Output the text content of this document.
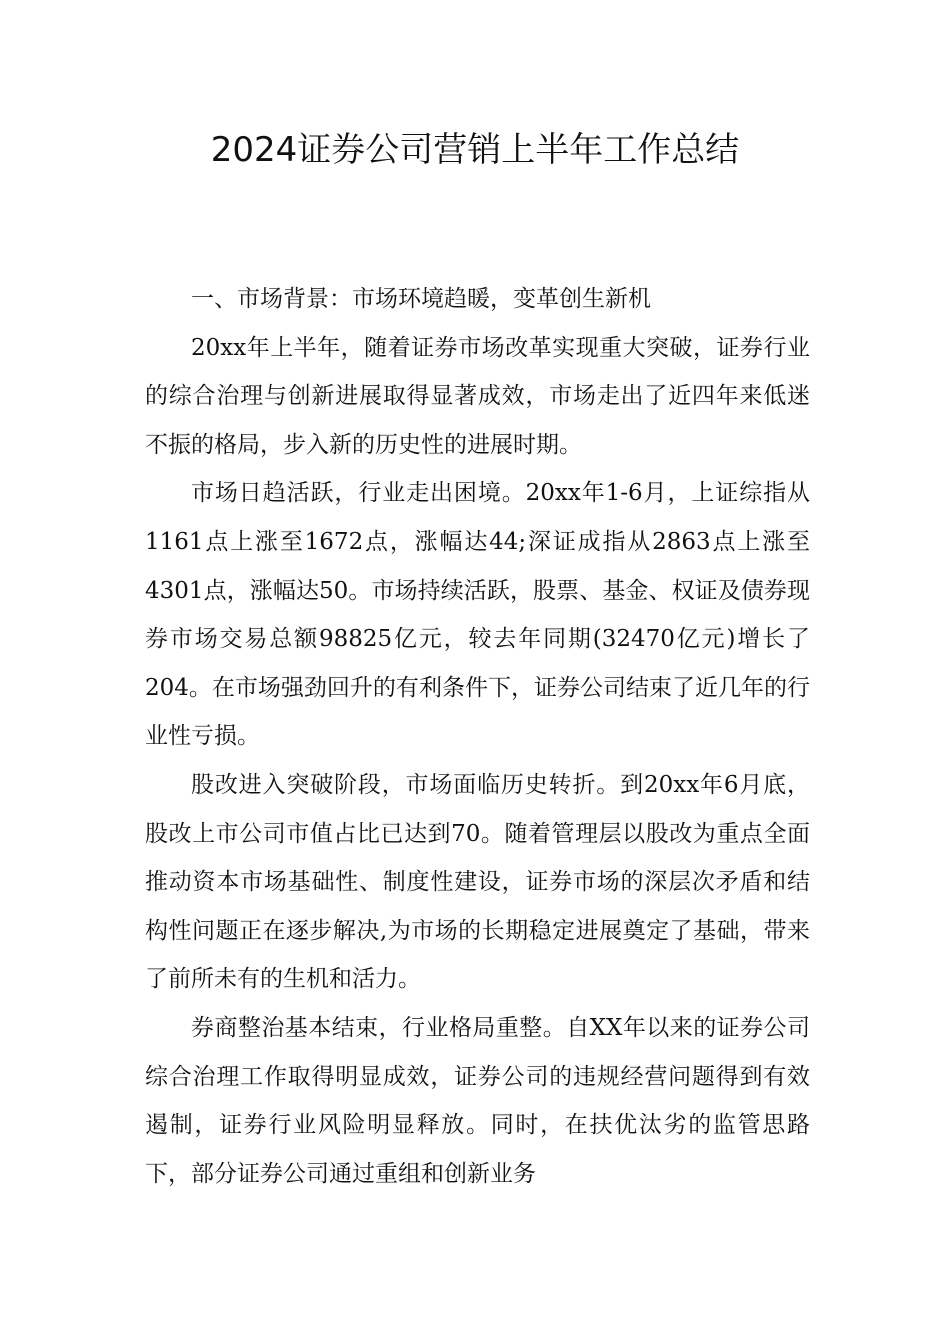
2024证券公司营销上半年工作总结

一、市场背景：市场环境趋暖，变革创生新机

20xx年上半年，随着证券市场改革实现重大突破，证券行业的综合治理与创新进展取得显著成效，市场走出了近四年来低迷不振的格局，步入新的历史性的进展时期。

市场日趋活跃，行业走出困境。20xx年1-6月，上证综指从1161点上涨至1672点，涨幅达44;深证成指从2863点上涨至4301点，涨幅达50。市场持续活跃，股票、基金、权证及债券现券市场交易总额98825亿元，较去年同期(32470亿元)增长了204。在市场强劲回升的有利条件下，证券公司结束了近几年的行业性亏损。

股改进入突破阶段，市场面临历史转折。到20xx年6月底，股改上市公司市值占比已达到70。随着管理层以股改为重点全面推动资本市场基础性、制度性建设，证券市场的深层次矛盾和结构性问题正在逐步解决,为市场的长期稳定进展奠定了基础，带来了前所未有的生机和活力。

券商整治基本结束，行业格局重整。自XX年以来的证券公司综合治理工作取得明显成效，证券公司的违规经营问题得到有效遏制，证券行业风险明显释放。同时，在扶优汰劣的监管思路下，部分证券公司通过重组和创新业务
